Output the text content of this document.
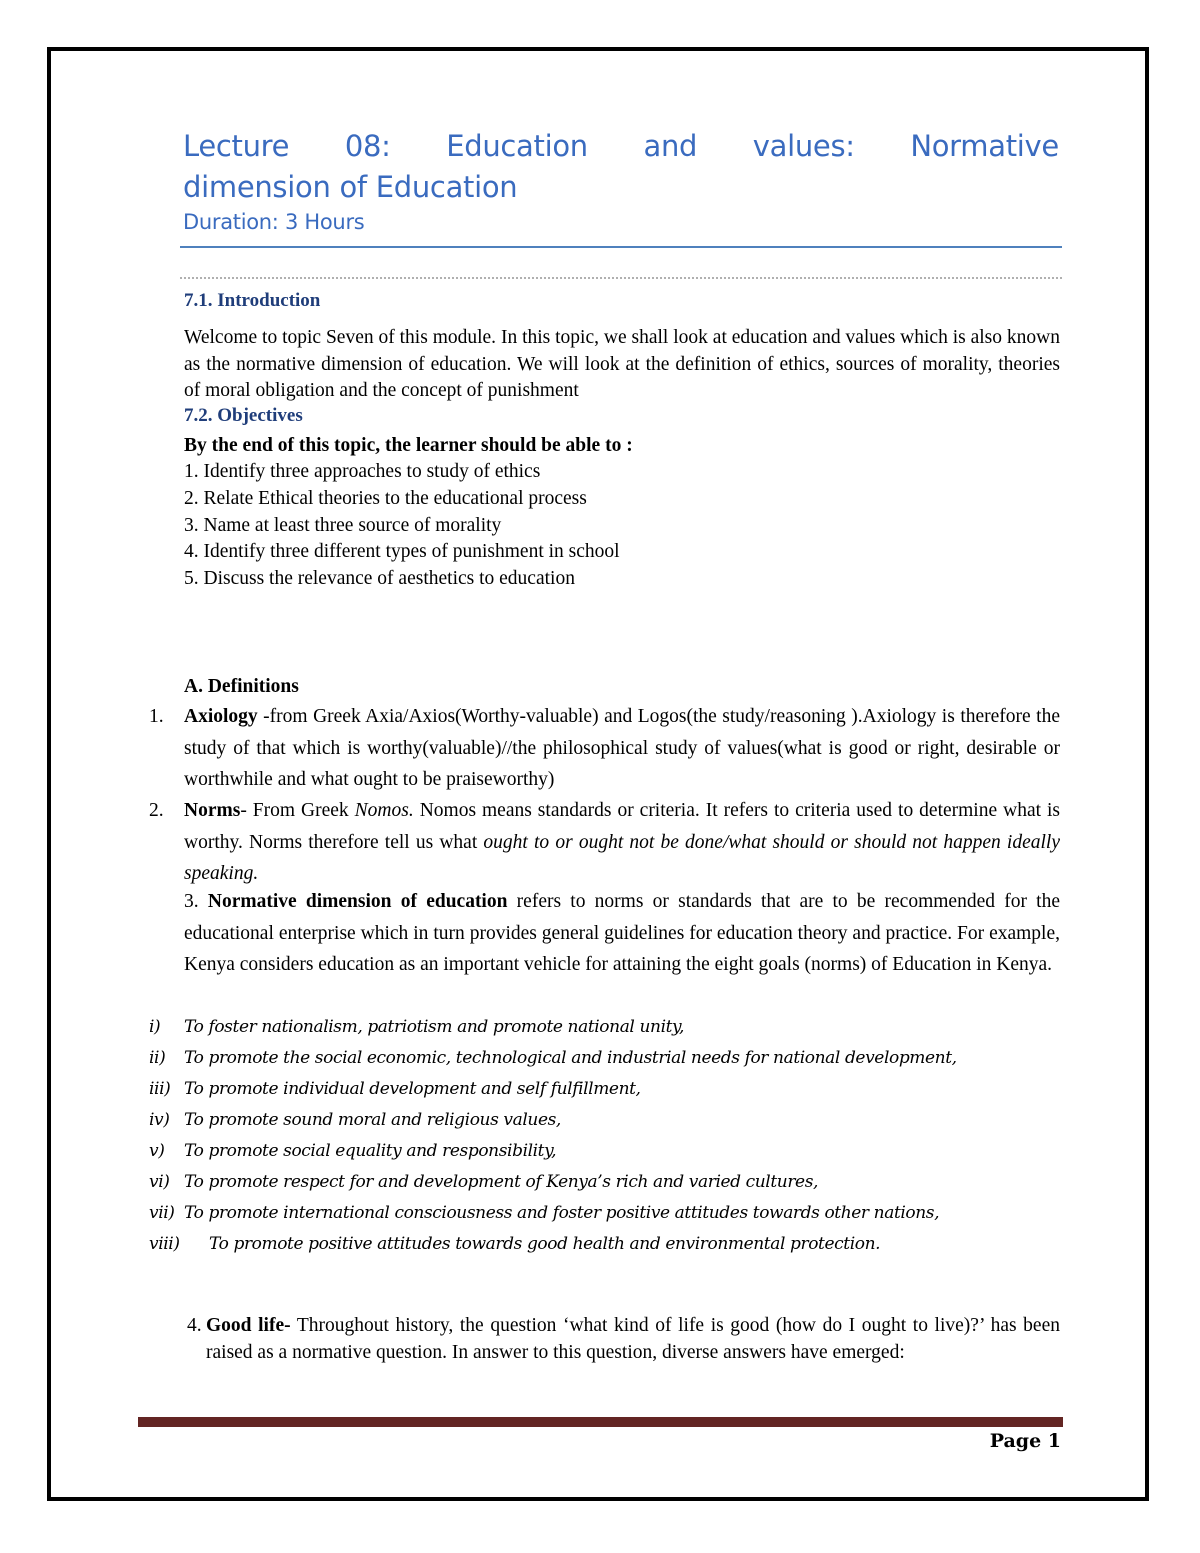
Lecture 08: Education and values: Normative
dimension of Education
Duration: 3 Hours
7.1. Introduction
Welcome to topic Seven of this module. In this topic, we shall look at education and values which is also known as the normative dimension of education. We will look at the definition of ethics, sources of morality, theories of moral obligation and the concept of punishment
7.2. Objectives
By the end of this topic, the learner should be able to :
1. Identify three approaches to study of ethics
2. Relate Ethical theories to the educational process
3. Name at least three source of morality
4. Identify three different types of punishment in school
5. Discuss the relevance of aesthetics to education
A. Definitions
1.	Axiology -from Greek Axia/Axios(Worthy-valuable) and Logos(the study/reasoning ).Axiology is therefore the study of that which is worthy(valuable)//the philosophical study of values(what is good or right, desirable or worthwhile and what ought to be praiseworthy)
2.	Norms- From Greek Nomos. Nomos means standards or criteria. It refers to criteria used to determine what is worthy. Norms therefore tell us what ought to or ought not be done/what should or should not happen ideally speaking.
3. Normative dimension of education refers to norms or standards that are to be recommended for the educational enterprise which in turn provides general guidelines for education theory and practice. For example, Kenya considers education as an important vehicle for attaining the eight goals (norms) of Education in Kenya.
i)	To foster nationalism, patriotism and promote national unity,
ii)	To promote the social economic, technological and industrial needs for national development,
iii) To promote individual development and self fulfillment,
iv) To promote sound moral and religious values,
v)	To promote social equality and responsibility,
vi) To promote respect for and development of Kenya’s rich and varied cultures,
vii) To promote international consciousness and foster positive attitudes towards other nations,
viii)	To promote positive attitudes towards good health and environmental protection.
4. Good life- Throughout history, the question ‘what kind of life is good (how do I ought to live)?’ has been raised as a normative question. In answer to this question, diverse answers have emerged:
Page 1
